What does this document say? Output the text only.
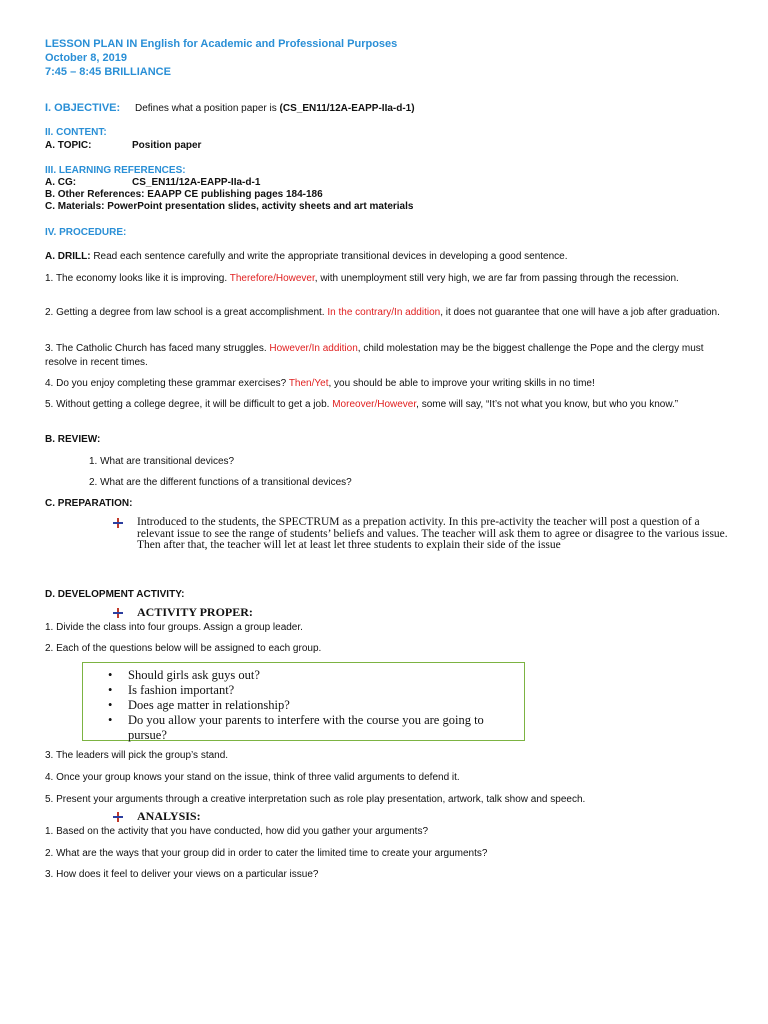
LESSON PLAN IN English for Academic and Professional Purposes
October 8, 2019
7:45 – 8:45 BRILLIANCE
I. OBJECTIVE: Defines what a position paper is (CS_EN11/12A-EAPP-IIa-d-1)
II. CONTENT:
A. TOPIC:	Position paper
III. LEARNING REFERENCES:
A. CG:	CS_EN11/12A-EAPP-IIa-d-1
B. Other References: EAAPP CE publishing pages 184-186
C. Materials: PowerPoint presentation slides, activity sheets and art materials
IV. PROCEDURE:
A. DRILL: Read each sentence carefully and write the appropriate transitional devices in developing a good sentence.
1. The economy looks like it is improving. Therefore/However, with unemployment still very high, we are far from passing through the recession.
2. Getting a degree from law school is a great accomplishment. In the contrary/In addition, it does not guarantee that one will have a job after graduation.
3. The Catholic Church has faced many struggles. However/In addition, child molestation may be the biggest challenge the Pope and the clergy must resolve in recent times.
4. Do you enjoy completing these grammar exercises? Then/Yet, you should be able to improve your writing skills in no time!
5. Without getting a college degree, it will be difficult to get a job. Moreover/However, some will say, “It’s not what you know, but who you know.”
B. REVIEW:
1. What are transitional devices?
2. What are the different functions of a transitional devices?
C. PREPARATION:
Introduced to the students, the SPECTRUM as a prepation activity. In this pre-activity the teacher will post a question of a relevant issue to see the range of students’ beliefs and values. The teacher will ask them to agree or disagree to the various issue. Then after that, the teacher will let at least let three students to explain their side of the issue
D. DEVELOPMENT ACTIVITY:
ACTIVITY PROPER:
1. Divide the class into four groups. Assign a group leader.
2. Each of the questions below will be assigned to each group.
• Should girls ask guys out?
• Is fashion important?
• Does age matter in relationship?
• Do you allow your parents to interfere with the course you are going to pursue?
3. The leaders will pick the group’s stand.
4. Once your group knows your stand on the issue, think of three valid arguments to defend it.
5. Present your arguments through a creative interpretation such as role play presentation, artwork, talk show and speech.
ANALYSIS:
1. Based on the activity that you have conducted, how did you gather your arguments?
2. What are the ways that your group did in order to cater the limited time to create your arguments?
3. How does it feel to deliver your views on a particular issue?
